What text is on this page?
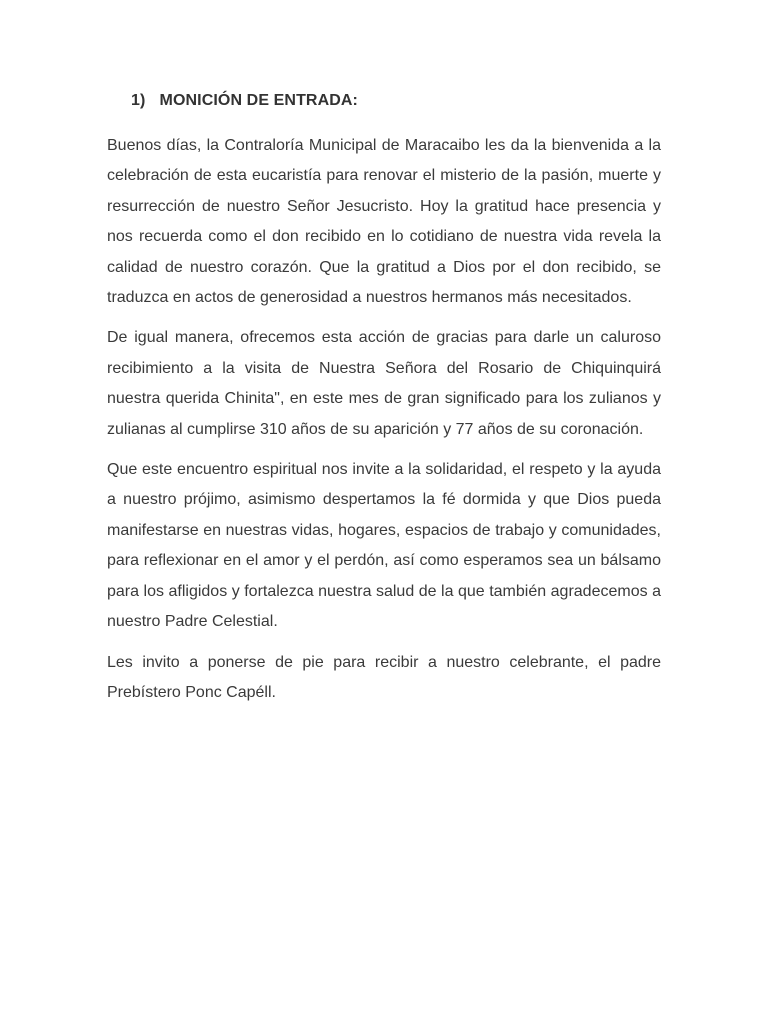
1) MONICIÓN DE ENTRADA:

Buenos días, la Contraloría Municipal de Maracaibo les da la bienvenida a la celebración de esta eucaristía para renovar el misterio de la pasión, muerte y resurrección de nuestro Señor Jesucristo. Hoy la gratitud hace presencia y nos recuerda como el don recibido en lo cotidiano de nuestra vida revela la calidad de nuestro corazón. Que la gratitud a Dios por el don recibido, se traduzca en actos de generosidad a nuestros hermanos más necesitados.

De igual manera, ofrecemos esta acción de gracias para darle un caluroso recibimiento a la visita de Nuestra Señora del Rosario de Chiquinquirá nuestra querida Chinita", en este mes de gran significado para los zulianos y zulianas al cumplirse 310 años de su aparición y 77 años de su coronación.

Que este encuentro espiritual nos invite a la solidaridad, el respeto y la ayuda a nuestro prójimo, asimismo despertamos la fé dormida y que Dios pueda manifestarse en nuestras vidas, hogares, espacios de trabajo y comunidades, para reflexionar en el amor y el perdón, así como esperamos sea un bálsamo para los afligidos y fortalezca nuestra salud de la que también agradecemos a nuestro Padre Celestial.

Les invito a ponerse de pie para recibir a nuestro celebrante, el padre Prebístero Ponc Capéll.
